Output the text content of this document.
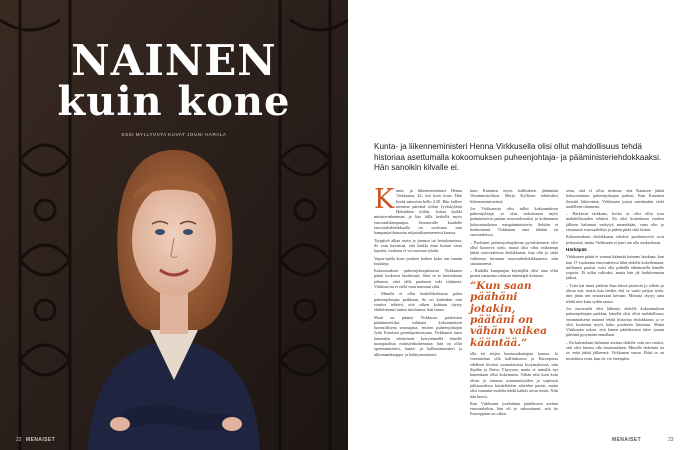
NAINEN
kuin kone

ESSI MYLLYVIITA KUVAT JOUNI HARALA

22 MENAISET

Kunta- ja liikenneministeri Henna Virkkusella olisi ollut mahdollisuus tehdä historiaa asettumalla kokoomuksen puheenjohtaja- ja pääministeriehdokkaaksi. Hän sanoikin kilvalle ei.

K unta- ja liikenneministeri Henna Virkkunen, 42, tuli kuin kone. Hän herää aamuisin kello 4.30. Hän kulkee monena päivänä töihin Jyväskylästä Helsinkiin töihin, hoitaa kaikki ministerinhommat ja käy tällä hetkellä myös eurovaalikampanjaa. Seuraavalle kaudelle eurovaaliehdokkaalla on sovittuna sata kampanjatilaisuutta ruhjaisäkymmenessä kuussa.

Työpäivä alkaa usein jo junassa tai lentokoneessa. Se vain havaittaa, että kaikki muu hoituu vasta lopuksi, osaltaan ei voi suoraan tykätä.

Vapaa-ajalla kone juoksee kaiken koko sen tunnin loukkeja.

Kokoomuksen puheenjohtajakisasta Virkkunen päätti luokseen luultavasti. Siitä se ei luotetakaan johtanut, ettei tälle puolueen tuki riittäneet. Virkkusesta ei vielä vaan tuntunut siltä.

– Minulla ei ollut henkilökohtaista paloa puheenjohtajan paikkaan. Se on kuitenkin niin vaativa tehtävä, että siihen kohtaan täytyy ehdottomasti tuntea intohimoa, hän sanoo.

Moni on pitänyt Virkkusta, paulaisten pääministeriksi valittuna kokoomuksen luonnollisena seuraajana, entisen puheenjohtajan Jyrki Kataisen perintöprinsessana. Virkkunen tunsi kuitenkin tehtävänsä kerryttämällä hänelle monipuolista ministerikokemusta: hän on ollut opetusministeri, kunta- ja hallintoministeri ja ulkomaankauppa- ja kehitysministeri.

kuin Katainen myös hallituksen jättämään Vasemmistoliiton Merja Kyllösen tehtäväksi liikenneministerinä.

Jos Virkkusesta olisi tullut kokoomuksen puheenjohtaja, se olisi tarkoittanut myös pääministerin paikan neuvoteltavaksi ja kolmannen kokoomuslaisen naispääministerin. Sekään ei houkuttanut. Virkkunen oma tähtäin on eurovaaleissa.

– Puolueen puheenjohtajakisan pyörittäminen olisi ollut luonteva siirto, mutta olisi ollut vaikeampi jättää eurovaaleissa ehdokkaana, kun olin jo siinä vaiheessa luvannut eurovaaliehdokkuuteen, niin sitoutuneesti.

– Kaikilla kampanjan käyttäjillä olisi aina ollut pientä tunnettua vääristä äänestäjät kohtaan.

”Kun saan päähäni jotakin, päätäni on vähän vaikea kääntää.”

olla eri alojen kuntavaikuttajien kanssa. Ja voimmehan olla hallituksessa ja Euroopassa edelleen tiiviisti suomalaisissa kysymyksissä, niin Sipilän ja Paavo Väyrysen, mutta ei minulla nyt kuitenkaan ollut kokemusta. Vähän niin kuin kuin olisin jo tottunut asiantuntijoiden ja sopivasti julkisuudessa käsiteltävien aiheiden pariin, mutta olisi tuntunut oudolta tehdä kaikki aivan toisin. Niin hän kertoi.

Kun Virkkunen jouduttuun päätökseen asettua eurovaaleihin, hän oli jo vakuuttunut, että tie Eurooppaan on oikea.

sesta, että ei ollut tiedossa, että Kataisen jättää kokoomuksen puheenjohtajan paikan. Kun Katainen ilmoitti lähtevänsä, Virkkunen joutui miettimään vielä uudelleen tilannetta.

– Harkitsin tarkkaan, koska se olisi ollut ison mahdollisuuden tehtävä. En olisi kuitenkaan vaalien jälkeen halunnut vetäytyä minnekään, vaan olin jo sitoutunut eurovaaleihin ja päätin pitää siitä kiinni.

Kokoomuksen ehdokkaana tehtävä puoluetoverit ovat pettyneitä, mutta Virkkunen ei juuri aio olla moksiskaan.

Härkäpää

Virkkunen päätti ei vonnut käännää kuinnes lainkaan, kun hän 17-vuotiaana eurovaaleissa lähti ehdolle kokeilemaan, millainen puolue voisi olla pitkällä tähtäimellä hänelle sopivin. Ei tullut valituksi, mutta hän jäi harkitsemaan jatkoa.

– Totta kai minä pitäisin ihan kiinni pienestä jo silloin jo alusta asti, mutta kun tiedän, että se vaatii paljon työtä, niin jätän sen seuraavaan kertaan. Minusta täytyy aina tehdä niin kuin sydän sanoo.

Jos eurovaalit olisi lähtenyt ehdolle kokoomuksen puheenjohtajan paikkaa, hänellä olisi ollut mahdollisuus ensimmäisenä naisena tehdä historiaa ehdokkaana ja se olisi koskenut myös koko puolueen historiaa. Mutta Virkkunen uskoo, että hänen päätöksensä tulee jonain päivänä pysymään ennallaan.

– En kuitenkaan halunnut asettua ehdolle vain sen vuoksi, että olisi hienoa olla ensimmäinen. Minulle tärkeintä on se, mitä jättää jälkeensä. Virkkunen sanoo. Ehkä se on nostettava esiin, kun tie vie eteenpäin.

MENAISET	23
